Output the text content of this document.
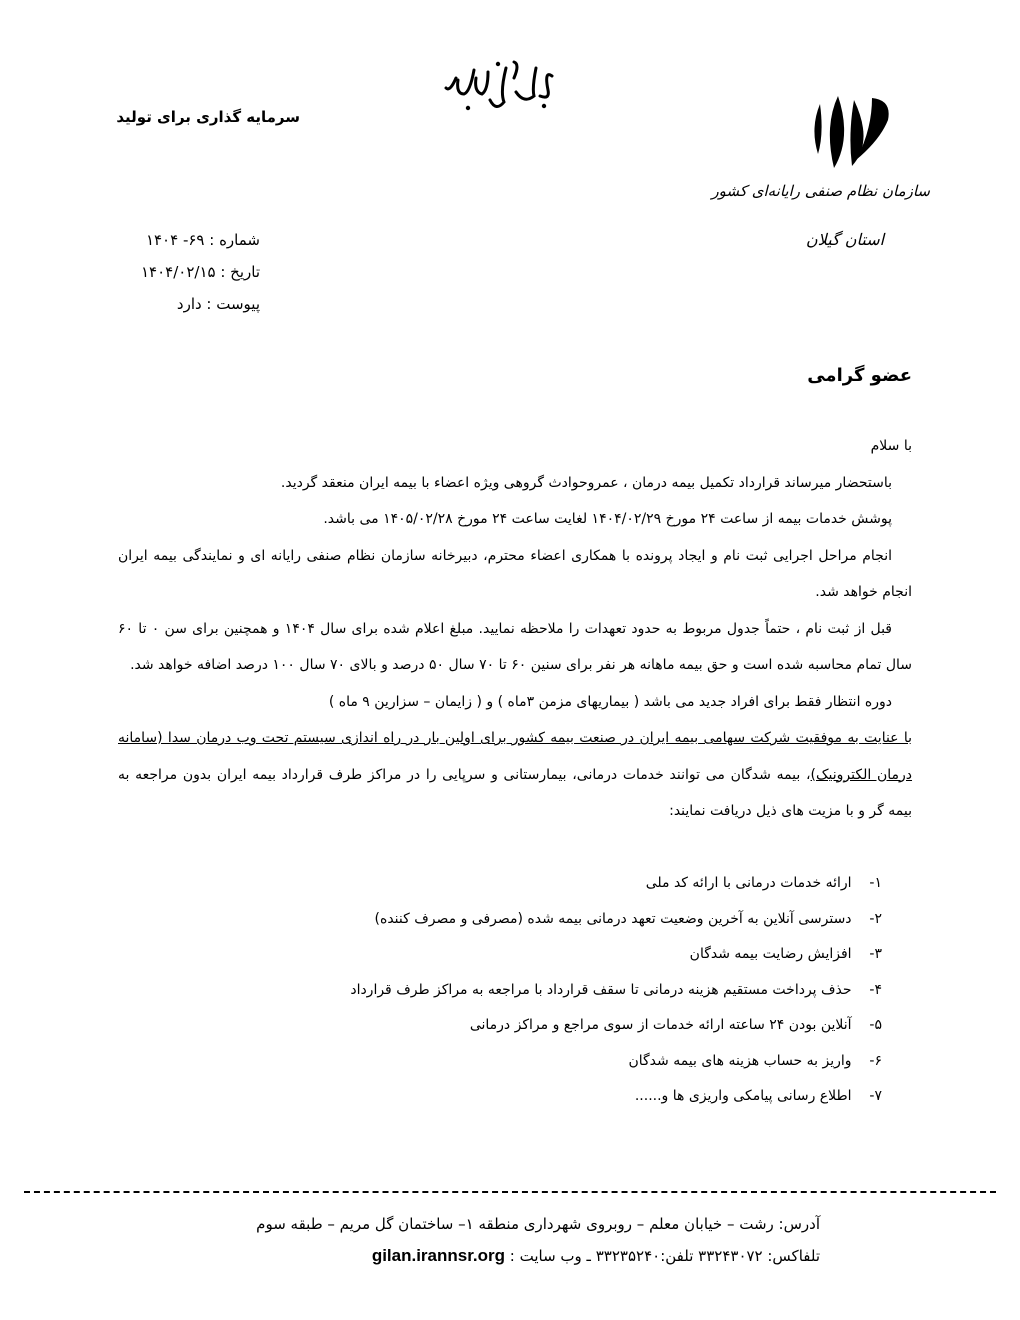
سرمایه گذاری برای تولید
سازمان نظام صنفی رایانه‌ای کشور
استان گیلان
شماره : ۶۹- ۱۴۰۴
تاریخ : ۱۴۰۴/۰۲/۱۵
پیوست : دارد
عضو گرامی

با سلام

باستحضار میرساند قرارداد تکمیل بیمه درمان ، عمروحوادث گروهی ویژه اعضاء با بیمه ایران منعقد گردید.

پوشش خدمات بیمه از ساعت ۲۴ مورخ ۱۴۰۴/۰۲/۲۹ لغایت ساعت ۲۴ مورخ ۱۴۰۵/۰۲/۲۸ می باشد.

انجام مراحل اجرایی ثبت نام و ایجاد پرونده با همکاری اعضاء محترم، دبیرخانه سازمان نظام صنفی رایانه ای و نمایندگی بیمه ایران انجام خواهد شد.

قبل از ثبت نام ، حتماً جدول مربوط به حدود تعهدات را ملاحظه نمایید. مبلغ اعلام شده برای سال ۱۴۰۴ و همچنین برای سن ۰ تا ۶۰ سال تمام محاسبه شده است و حق بیمه ماهانه هر نفر برای سنین ۶۰ تا ۷۰ سال ۵۰ درصد و بالای ۷۰ سال ۱۰۰ درصد اضافه خواهد شد.

دوره انتظار فقط برای افراد جدید می باشد ( بیماریهای مزمن ۳ماه ) و ( زایمان – سزارین ۹ ماه )

با عنایت به موفقیت شرکت سهامی بیمه ایران در صنعت بیمه کشور برای اولین بار در راه اندازی سیستم تحت وب درمان سدا (سامانه درمان الکترونیک)، بیمه شدگان می توانند خدمات درمانی، بیمارستانی و سرپایی را در مراکز طرف قرارداد بیمه ایران بدون مراجعه به بیمه گر و با مزیت های ذیل دریافت نمایند:

۱- ارائه خدمات درمانی با ارائه کد ملی
۲- دسترسی آنلاین به آخرین وضعیت تعهد درمانی بیمه شده (مصرفی و مصرف کننده)
۳- افزایش رضایت بیمه شدگان
۴- حذف پرداخت مستقیم هزینه درمانی تا سقف قرارداد با مراجعه به مراکز طرف قرارداد
۵- آنلاین بودن ۲۴ ساعته ارائه خدمات از سوی مراجع و مراکز درمانی
۶- واریز به حساب هزینه های بیمه شدگان
۷- اطلاع رسانی پیامکی واریزی ها و......
آدرس: رشت – خیابان معلم – روبروی شهرداری منطقه ۱– ساختمان گل مریم – طبقه سوم
تلفاکس: ۳۳۲۴۳۰۷۲ تلفن:۳۳۲۳۵۲۴۰ ـ وب سایت : gilan.irannsr.org
